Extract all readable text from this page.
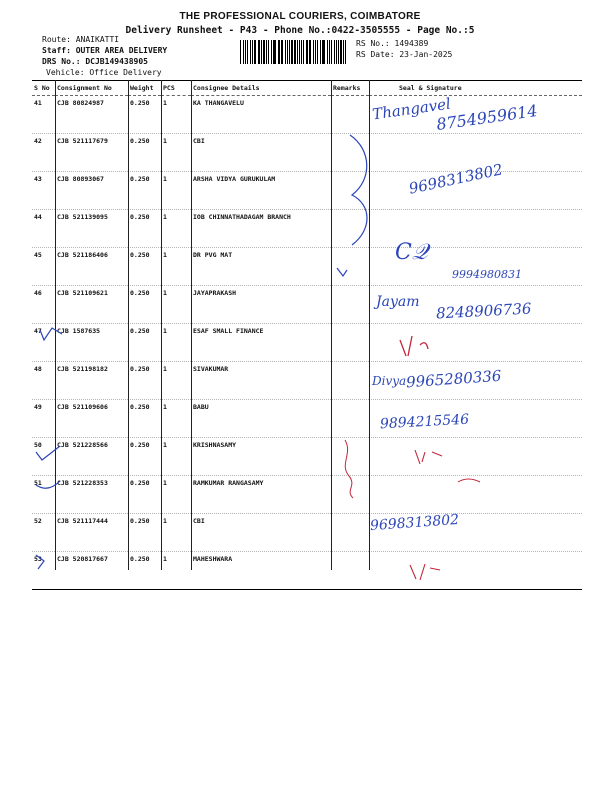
THE PROFESSIONAL COURIERS, COIMBATORE
Delivery Runsheet - P43 - Phone No.:0422-3505555 - Page No.:5
Route: ANAIKATTI
Staff: OUTER AREA DELIVERY
DRS No.: DCJB149438905
Vehicle: Office Delivery
RS No.: 1494389
RS Date: 23-Jan-2025
S No	Consignment No	Weight	PCS	Consignee Details	Remarks	Seal & Signature
41	CJB 80824987	0.250	1	KA THANGAVELU		
42	CJB 521117679	0.250	1	CBI		
43	CJB 80893067	0.250	1	ARSHA VIDYA GURUKULAM		
44	CJB 521139095	0.250	1	IOB CHINNATHADAGAM BRANCH		
45	CJB 521186406	0.250	1	DR PVG MAT		
46	CJB 521109621	0.250	1	JAYAPRAKASH		
47	CJB 1587635	0.250	1	ESAF SMALL FINANCE		
48	CJB 521198182	0.250	1	SIVAKUMAR		
49	CJB 521109606	0.250	1	BABU		
50	CJB 521228566	0.250	1	KRISHNASAMY		
51	CJB 521228353	0.250	1	RAMKUMAR RANGASAMY		
52	CJB 521117444	0.250	1	CBI		
53	CJB 520817667	0.250	1	MAHESHWARA		
Thangavel
8754959614
9698313802
C𝒬
9994980831
Jayam 8248906736
Divya 9965280336
9894215546
9698313802
